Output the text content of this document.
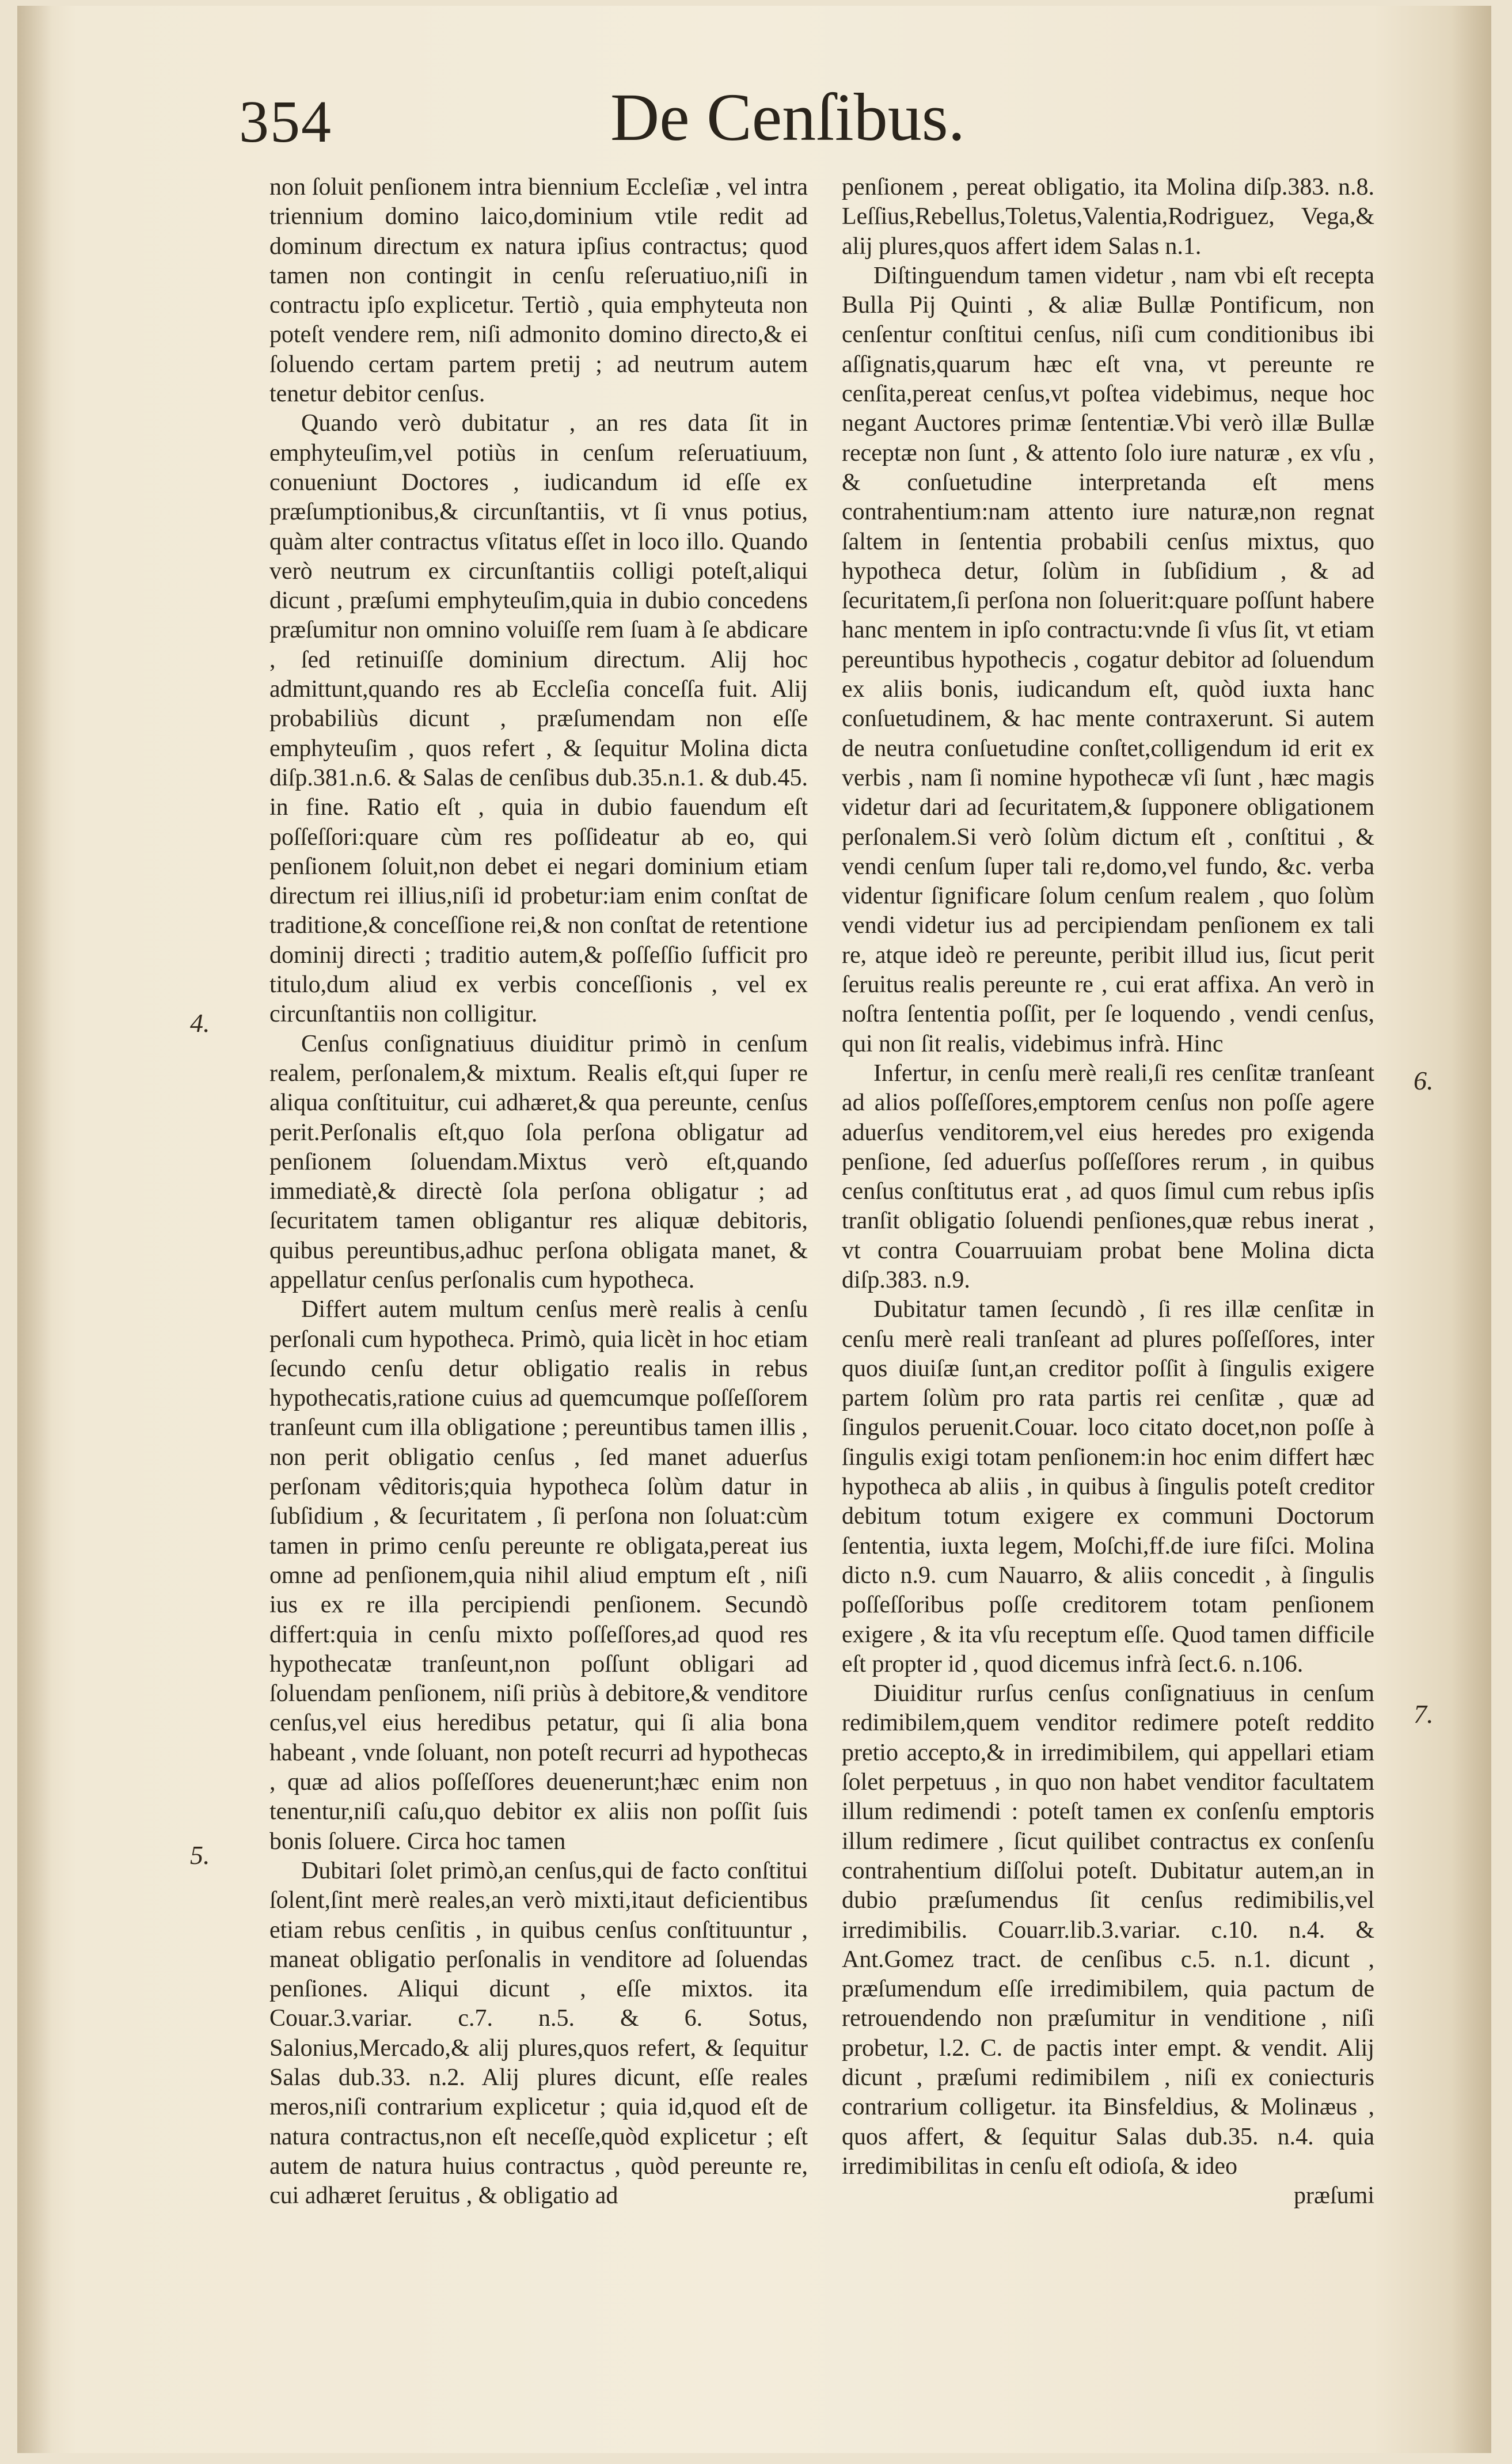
354	De Cenſibus.

non ſoluit penſionem intra biennium Eccleſiæ , vel intra triennium domino laico,dominium vtile redit ad dominum directum ex natura ipſius contractus; quod tamen non contingit in cenſu reſeruatiuo,niſi in contractu ipſo explicetur. Tertiò , quia emphyteuta non poteſt vendere rem, niſi admonito domino directo,& ei ſoluendo certam partem pretij ; ad neutrum autem tenetur debitor cenſus.

Quando verò dubitatur , an res data ſit in emphyteuſim,vel potiùs in cenſum reſeruatiuum, conueniunt Doctores , iudicandum id eſſe ex præſumptionibus,& circunſtantiis, vt ſi vnus potius, quàm alter contractus vſitatus eſſet in loco illo. Quando verò neutrum ex circunſtantiis colligi poteſt,aliqui dicunt , præſumi emphyteuſim,quia in dubio concedens præſumitur non omnino voluiſſe rem ſuam à ſe abdicare , ſed retinuiſſe dominium directum. Alij hoc admittunt,quando res ab Eccleſia conceſſa fuit. Alij probabiliùs dicunt , præſumendam non eſſe emphyteuſim , quos refert , & ſequitur Molina dicta diſp.381.n.6. & Salas de cenſibus dub.35.n.1. & dub.45. in fine. Ratio eſt , quia in dubio fauendum eſt poſſeſſori:quare cùm res poſſideatur ab eo, qui penſionem ſoluit,non debet ei negari dominium etiam directum rei illius,niſi id probetur:iam enim conſtat de traditione,& conceſſione rei,& non conſtat de retentione dominij directi ; traditio autem,& poſſeſſio ſufficit pro titulo,dum aliud ex verbis conceſſionis , vel ex circunſtantiis non colligitur.

Cenſus conſignatiuus diuiditur primò in cenſum realem, perſonalem,& mixtum. Realis eſt,qui ſuper re aliqua conſtituitur, cui adhæret,& qua pereunte, cenſus perit.Perſonalis eſt,quo ſola perſona obligatur ad penſionem ſoluendam.Mixtus verò eſt,quando immediatè,& directè ſola perſona obligatur ; ad ſecuritatem tamen obligantur res aliquæ debitoris, quibus pereuntibus,adhuc perſona obligata manet, & appellatur cenſus perſonalis cum hypotheca.

Differt autem multum cenſus merè realis à cenſu perſonali cum hypotheca. Primò, quia licèt in hoc etiam ſecundo cenſu detur obligatio realis in rebus hypothecatis,ratione cuius ad quemcumque poſſeſſorem tranſeunt cum illa obligatione ; pereuntibus tamen illis , non perit obligatio cenſus , ſed manet aduerſus perſonam vêditoris;quia hypotheca ſolùm datur in ſubſidium , & ſecuritatem , ſi perſona non ſoluat:cùm tamen in primo cenſu pereunte re obligata,pereat ius omne ad penſionem,quia nihil aliud emptum eſt , niſi ius ex re illa percipiendi penſionem. Secundò differt:quia in cenſu mixto poſſeſſores,ad quod res hypothecatæ tranſeunt,non poſſunt obligari ad ſoluendam penſionem, niſi priùs à debitore,& venditore cenſus,vel eius heredibus petatur, qui ſi alia bona habeant , vnde ſoluant, non poteſt recurri ad hypothecas , quæ ad alios poſſeſſores deuenerunt;hæc enim non tenentur,niſi caſu,quo debitor ex aliis non poſſit ſuis bonis ſoluere. Circa hoc tamen

Dubitari ſolet primò,an cenſus,qui de facto conſtitui ſolent,ſint merè reales,an verò mixti,itaut deficientibus etiam rebus cenſitis , in quibus cenſus conſtituuntur , maneat obligatio perſonalis in venditore ad ſoluendas penſiones. Aliqui dicunt , eſſe mixtos. ita Couar.3.variar. c.7. n.5. & 6. Sotus, Salonius,Mercado,& alij plures,quos refert, & ſequitur Salas dub.33. n.2. Alij plures dicunt, eſſe reales meros,niſi contrarium explicetur ; quia id,quod eſt de natura contractus,non eſt neceſſe,quòd explicetur ; eſt autem de natura huius contractus , quòd pereunte re, cui adhæret ſeruitus , & obligatio ad

penſionem , pereat obligatio, ita Molina diſp.383. n.8. Leſſius,Rebellus,Toletus,Valentia,Rodriguez, Vega,& alij plures,quos affert idem Salas n.1.

Diſtinguendum tamen videtur , nam vbi eſt recepta Bulla Pij Quinti , & aliæ Bullæ Pontificum, non cenſentur conſtitui cenſus, niſi cum conditionibus ibi aſſignatis,quarum hæc eſt vna, vt pereunte re cenſita,pereat cenſus,vt poſtea videbimus, neque hoc negant Auctores primæ ſententiæ.Vbi verò illæ Bullæ receptæ non ſunt , & attento ſolo iure naturæ , ex vſu , & conſuetudine interpretanda eſt mens contrahentium:nam attento iure naturæ,non regnat ſaltem in ſententia probabili cenſus mixtus, quo hypotheca detur, ſolùm in ſubſidium , & ad ſecuritatem,ſi perſona non ſoluerit:quare poſſunt habere hanc mentem in ipſo contractu:vnde ſi vſus ſit, vt etiam pereuntibus hypothecis , cogatur debitor ad ſoluendum ex aliis bonis, iudicandum eſt, quòd iuxta hanc conſuetudinem, & hac mente contraxerunt. Si autem de neutra conſuetudine conſtet,colligendum id erit ex verbis , nam ſi nomine hypothecæ vſi ſunt , hæc magis videtur dari ad ſecuritatem,& ſupponere obligationem perſonalem.Si verò ſolùm dictum eſt , conſtitui , & vendi cenſum ſuper tali re,domo,vel fundo, &c. verba videntur ſignificare ſolum cenſum realem , quo ſolùm vendi videtur ius ad percipiendam penſionem ex tali re, atque ideò re pereunte, peribit illud ius, ſicut perit ſeruitus realis pereunte re , cui erat affixa. An verò in noſtra ſententia poſſit, per ſe loquendo , vendi cenſus, qui non ſit realis, videbimus infrà. Hinc

Infertur, in cenſu merè reali,ſi res cenſitæ tranſeant ad alios poſſeſſores,emptorem cenſus non poſſe agere aduerſus venditorem,vel eius heredes pro exigenda penſione, ſed aduerſus poſſeſſores rerum , in quibus cenſus conſtitutus erat , ad quos ſimul cum rebus ipſis tranſit obligatio ſoluendi penſiones,quæ rebus inerat , vt contra Couarruuiam probat bene Molina dicta diſp.383. n.9.

Dubitatur tamen ſecundò , ſi res illæ cenſitæ in cenſu merè reali tranſeant ad plures poſſeſſores, inter quos diuiſæ ſunt,an creditor poſſit à ſingulis exigere partem ſolùm pro rata partis rei cenſitæ , quæ ad ſingulos peruenit.Couar. loco citato docet,non poſſe à ſingulis exigi totam penſionem:in hoc enim differt hæc hypotheca ab aliis , in quibus à ſingulis poteſt creditor debitum totum exigere ex communi Doctorum ſententia, iuxta legem, Moſchi,ff.de iure fiſci. Molina dicto n.9. cum Nauarro, & aliis concedit , à ſingulis poſſeſſoribus poſſe creditorem totam penſionem exigere , & ita vſu receptum eſſe. Quod tamen difficile eſt propter id , quod dicemus infrà ſect.6. n.106.

Diuiditur rurſus cenſus conſignatiuus in cenſum redimibilem,quem venditor redimere poteſt reddito pretio accepto,& in irredimibilem, qui appellari etiam ſolet perpetuus , in quo non habet venditor facultatem illum redimendi : poteſt tamen ex conſenſu emptoris illum redimere , ſicut quilibet contractus ex conſenſu contrahentium diſſolui poteſt. Dubitatur autem,an in dubio præſumendus ſit cenſus redimibilis,vel irredimibilis. Couarr.lib.3.variar. c.10. n.4. & Ant.Gomez tract. de cenſibus c.5. n.1. dicunt , præſumendum eſſe irredimibilem, quia pactum de retrouendendo non præſumitur in venditione , niſi probetur, l.2. C. de pactis inter empt. & vendit. Alij dicunt , præſumi redimibilem , niſi ex coniecturis contrarium colligetur. ita Binsfeldius, & Molinæus , quos affert, & ſequitur Salas dub.35. n.4. quia irredimibilitas in cenſu eſt odioſa, & ideo

præſumi

4.
5.
6.
7.
